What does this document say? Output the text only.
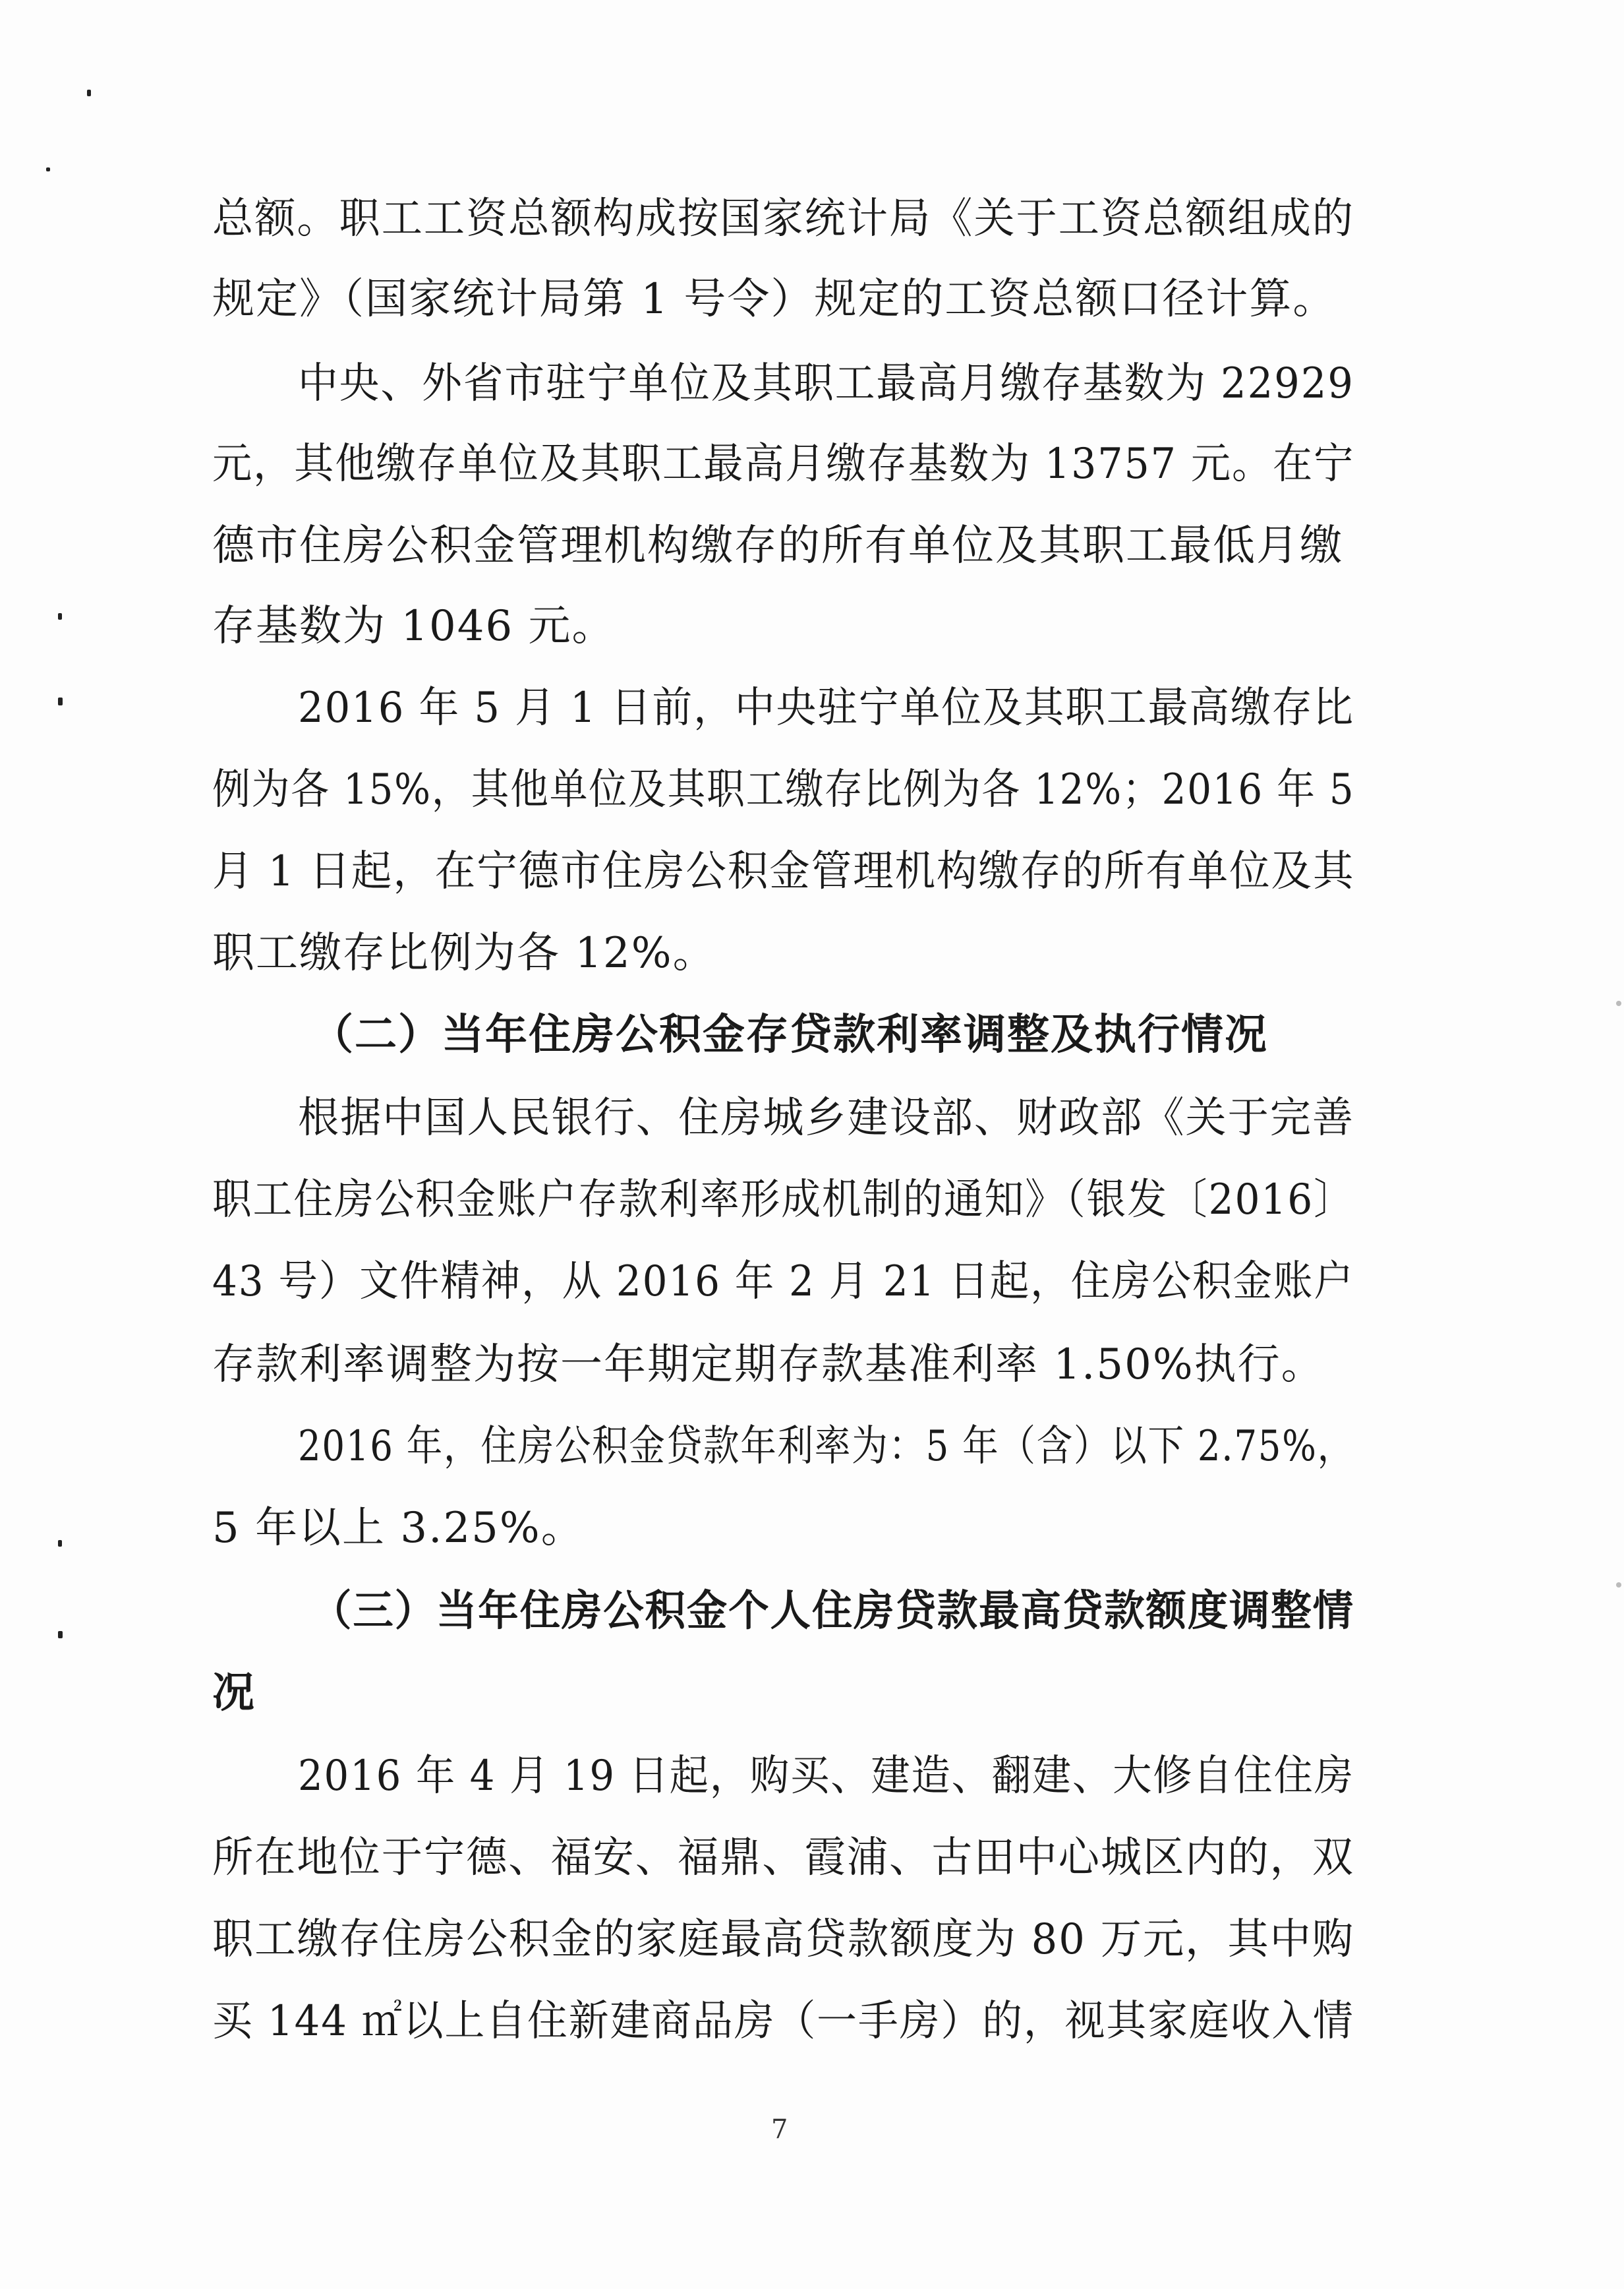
总额。职工工资总额构成按国家统计局《关于工资总额组成的
规定》（国家统计局第 1 号令）规定的工资总额口径计算。
中央、外省市驻宁单位及其职工最高月缴存基数为 22929
元，其他缴存单位及其职工最高月缴存基数为 13757 元。在宁
德市住房公积金管理机构缴存的所有单位及其职工最低月缴
存基数为 1046 元。
2016 年 5 月 1 日前，中央驻宁单位及其职工最高缴存比
例为各 15%，其他单位及其职工缴存比例为各 12%；2016 年 5
月 1 日起，在宁德市住房公积金管理机构缴存的所有单位及其
职工缴存比例为各 12%。
（二）当年住房公积金存贷款利率调整及执行情况
根据中国人民银行、住房城乡建设部、财政部《关于完善
职工住房公积金账户存款利率形成机制的通知》（银发〔2016〕
43 号）文件精神，从 2016 年 2 月 21 日起，住房公积金账户
存款利率调整为按一年期定期存款基准利率 1.50%执行。
2016 年，住房公积金贷款年利率为：5 年（含）以下 2.75%，
5 年以上 3.25%。
（三）当年住房公积金个人住房贷款最高贷款额度调整情
况
2016 年 4 月 19 日起，购买、建造、翻建、大修自住住房
所在地位于宁德、福安、福鼎、霞浦、古田中心城区内的，双
职工缴存住房公积金的家庭最高贷款额度为 80 万元，其中购
买 144 ㎡以上自住新建商品房（一手房）的，视其家庭收入情
7
